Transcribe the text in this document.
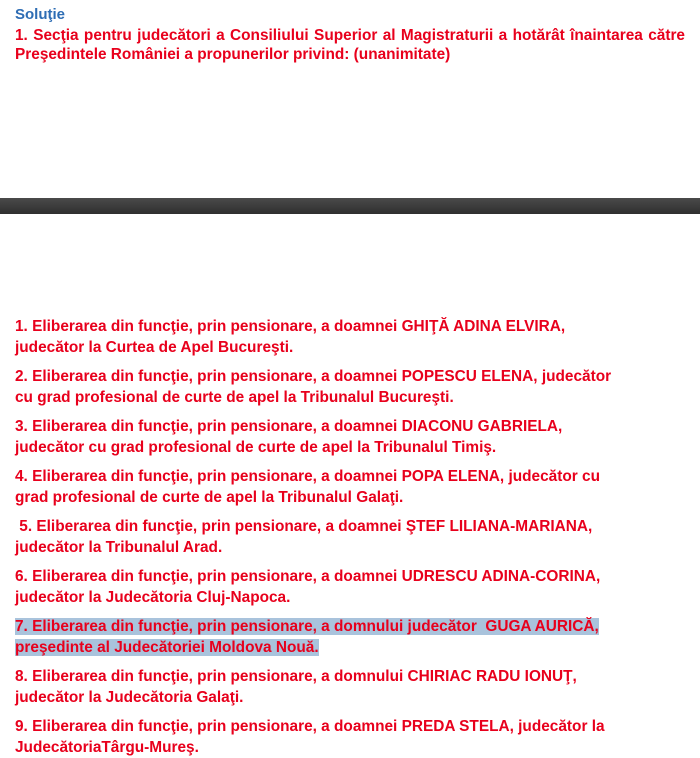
Soluţie

1. Secţia pentru judecători a Consiliului Superior al Magistraturii a hotărât înaintarea către Preşedintele României a propunerilor privind: (unanimitate)

1. Eliberarea din funcţie, prin pensionare, a doamnei GHIŢĂ ADINA ELVIRA,
judecător la Curtea de Apel Bucureşti.

2. Eliberarea din funcţie, prin pensionare, a doamnei POPESCU ELENA, judecător
cu grad profesional de curte de apel la Tribunalul Bucureşti.

3. Eliberarea din funcţie, prin pensionare, a doamnei DIACONU GABRIELA,
judecător cu grad profesional de curte de apel la Tribunalul Timiş.

4. Eliberarea din funcţie, prin pensionare, a doamnei POPA ELENA, judecător cu
grad profesional de curte de apel la Tribunalul Galaţi.

5. Eliberarea din funcţie, prin pensionare, a doamnei ŞTEF LILIANA-MARIANA,
judecător la Tribunalul Arad.

6. Eliberarea din funcţie, prin pensionare, a doamnei UDRESCU ADINA-CORINA,
judecător la Judecătoria Cluj-Napoca.

7. Eliberarea din funcţie, prin pensionare, a domnului judecător  GUGA AURICĂ,
preşedinte al Judecătoriei Moldova Nouă.

8. Eliberarea din funcţie, prin pensionare, a domnului CHIRIAC RADU IONUŢ,
judecător la Judecătoria Galaţi.

9. Eliberarea din funcţie, prin pensionare, a doamnei PREDA STELA, judecător la
JudecătoriaTârgu-Mureş.
